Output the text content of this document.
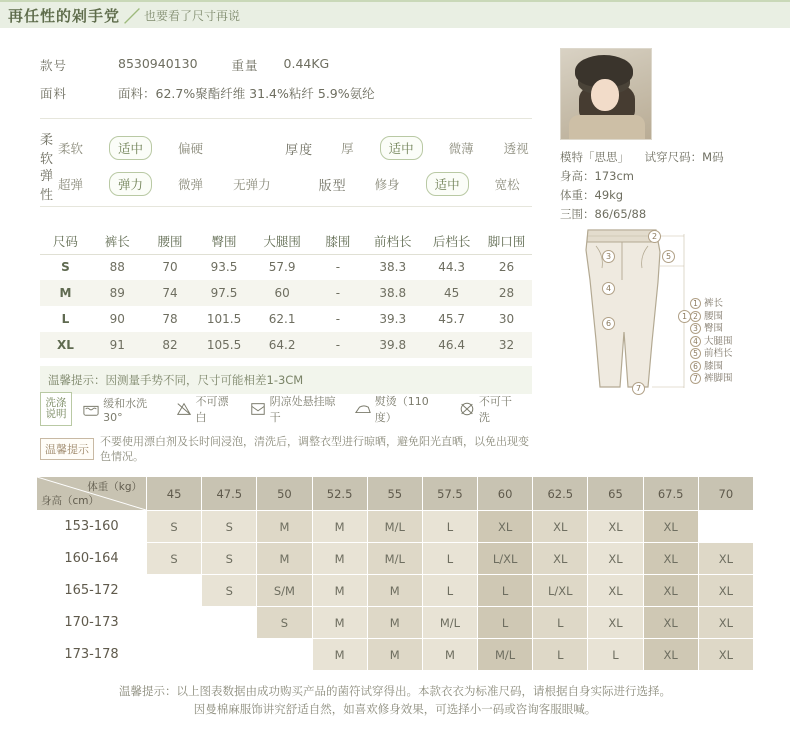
再任性的剁手党 ／ 也要看了尺寸再说
款号	8530940130	重量	0.44KG
面料	面料：62.7%聚酯纤维 31.4%粘纤 5.9%氨纶
柔软
柔软	适中	偏硬	厚度	厚	适中	微薄	透视
弹性
超弹	弹力	微弹	无弹力	版型	修身	适中	宽松
尺码	裤长	腰围	臀围	大腿围	膝围	前档长	后档长	脚口围
S	88	70	93.5	57.9	-	38.3	44.3	26
M	89	74	97.5	60	-	38.8	45	28
L	90	78	101.5	62.1	-	39.3	45.7	30
XL	91	82	105.5	64.2	-	39.8	46.4	32
温馨提示：因测量手势不同，尺寸可能相差1-3CM
洗涤
说明
缓和水洗30°
不可漂白
阴凉处悬挂晾干
熨烫（110度）
不可干洗
温馨提示
不要使用漂白剂及长时间浸泡，清洗后，调整衣型进行晾晒，避免阳光直晒，以免出现变色情况。
模特「思思」 试穿尺码：M码
身高：173cm
体重：49kg
三围：86/65/88
3
4
6
2
5
1
7
1 裤长
2 腰围
3 臀围
4 大腿围
5 前档长
6 膝围
7 裤脚围
体重（kg）
身高（cm）	45	47.5	50	52.5	55	57.5	60	62.5	65	67.5	70
153-160	S	S	M	M	M/L	L	XL	XL	XL	XL	
160-164	S	S	M	M	M/L	L	L/XL	XL	XL	XL	XL
165-172		S	S/M	M	M	L	L	L/XL	XL	XL	XL
170-173			S	M	M	M/L	L	L	XL	XL	XL
173-178				M	M	M	M/L	L	L	XL	XL
温馨提示：以上图表数据由成功购买产品的菌符试穿得出。本款衣衣为标准尺码，请根据自身实际进行选择。
因曼棉麻服饰讲究舒适自然，如喜欢修身效果，可选择小一码或咨询客服眼喊。
